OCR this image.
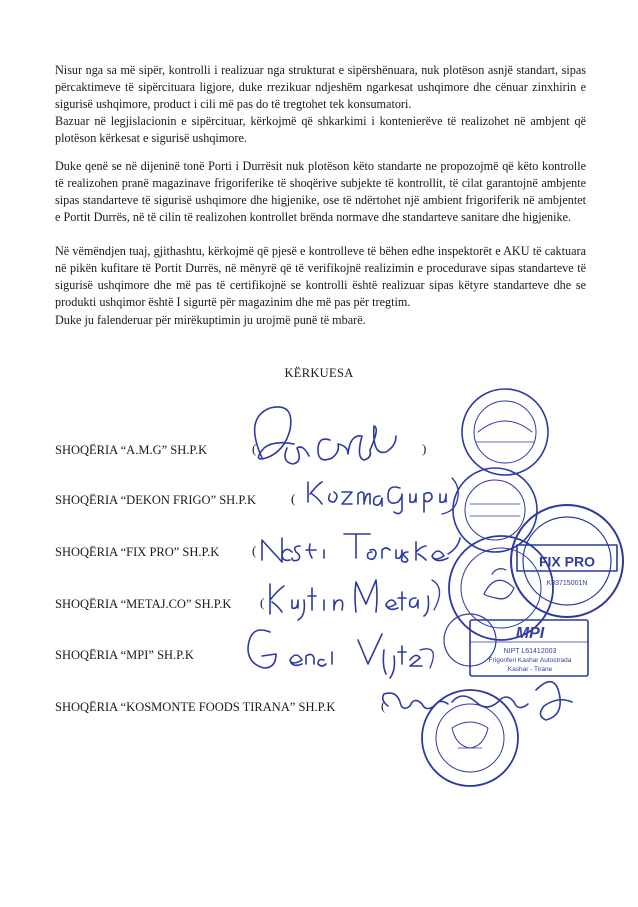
Nisur nga sa më sipër, kontrolli i realizuar nga strukturat e sipërshënuara, nuk plotëson asnjë standart, sipas përcaktimeve të sipërcituara ligjore, duke rrezikuar ndjeshëm ngarkesat ushqimore dhe cënuar zinxhirin e sigurisë ushqimore, product i cili më pas do të tregtohet tek konsumatori.

Bazuar në legjislacionin e sipërcituar, kërkojmë që shkarkimi i kontenierëve të realizohet në ambjent që plotëson kërkesat e sigurisë ushqimore.

Duke qenë se në dijeninë tonë Porti i Durrësit nuk plotëson këto standarte ne propozojmë që këto kontrolle të realizohen pranë magazinave frigoriferike të shoqërive subjekte të kontrollit, të cilat garantojnë ambjente sipas standarteve të sigurisë ushqimore dhe higjenike, ose të ndërtohet një ambient frigoriferik në ambjentet e Portit Durrës, në të cilin të realizohen kontrollet brënda normave dhe standarteve sanitare dhe higjenike.

Në vëmëndjen tuaj, gjithashtu, kërkojmë që pjesë e kontrolleve të bëhen edhe inspektorët e AKU të caktuara në pikën kufitare të Portit Durrës, në mënyrë që të verifikojnë realizimin e procedurave sipas standarteve të sigurisë ushqimore dhe më pas të certifikojnë se kontrolli është realizuar sipas këtyre standarteve dhe se produkti ushqimor është I sigurtë për magazinim dhe më pas për tregtim.

Duke ju falenderuar për mirëkuptimin ju urojmë punë të mbarë.

KËRKUESA

SHOQËRIA “A.M.G” SH.P.K	(	)
SHOQËRIA “DEKON FRIGO” SH.P.K	(
SHOQËRIA “FIX PRO” SH.P.K	(
SHOQËRIA “METAJ.CO” SH.P.K (
SHOQËRIA “MPI” SH.P.K
SHOQËRIA “KOSMONTE FOODS TIRANA” SH.P.K	(
FIX PRO
K83715001N
MPI
NIPT L61412003
Frigoriferi Kashar Autostrada
Kashar - Tirane
